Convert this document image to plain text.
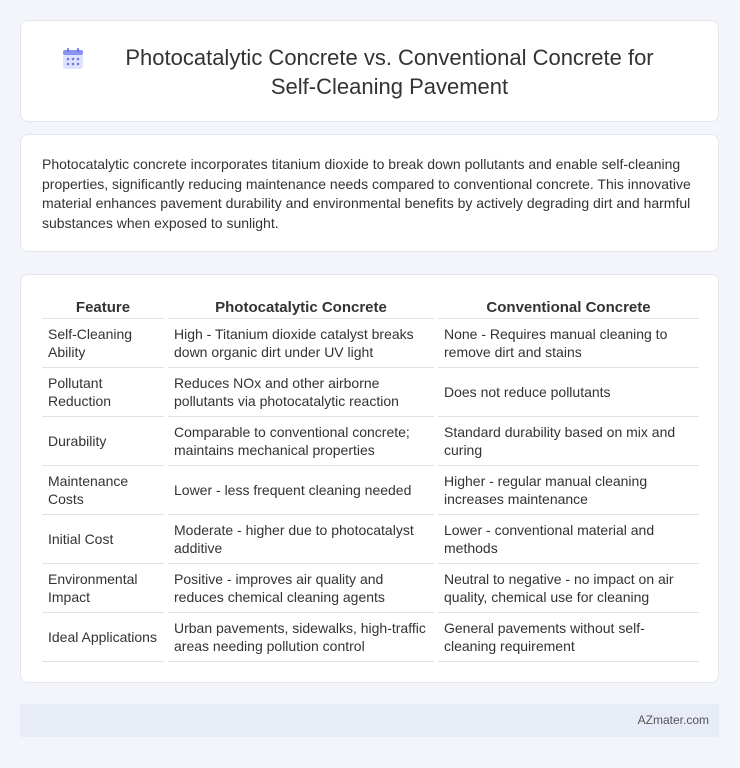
Photocatalytic Concrete vs. Conventional Concrete for Self-Cleaning Pavement

Photocatalytic concrete incorporates titanium dioxide to break down pollutants and enable self-cleaning properties, significantly reducing maintenance needs compared to conventional concrete. This innovative material enhances pavement durability and environmental benefits by actively degrading dirt and harmful substances when exposed to sunlight.

Feature	Photocatalytic Concrete	Conventional Concrete
Self-Cleaning Ability	High - Titanium dioxide catalyst breaks down organic dirt under UV light	None - Requires manual cleaning to remove dirt and stains
Pollutant Reduction	Reduces NOx and other airborne pollutants via photocatalytic reaction	Does not reduce pollutants
Durability	Comparable to conventional concrete; maintains mechanical properties	Standard durability based on mix and curing
Maintenance Costs	Lower - less frequent cleaning needed	Higher - regular manual cleaning increases maintenance
Initial Cost	Moderate - higher due to photocatalyst additive	Lower - conventional material and methods
Environmental Impact	Positive - improves air quality and reduces chemical cleaning agents	Neutral to negative - no impact on air quality, chemical use for cleaning
Ideal Applications	Urban pavements, sidewalks, high-traffic areas needing pollution control	General pavements without self-cleaning requirement
AZmater.com
